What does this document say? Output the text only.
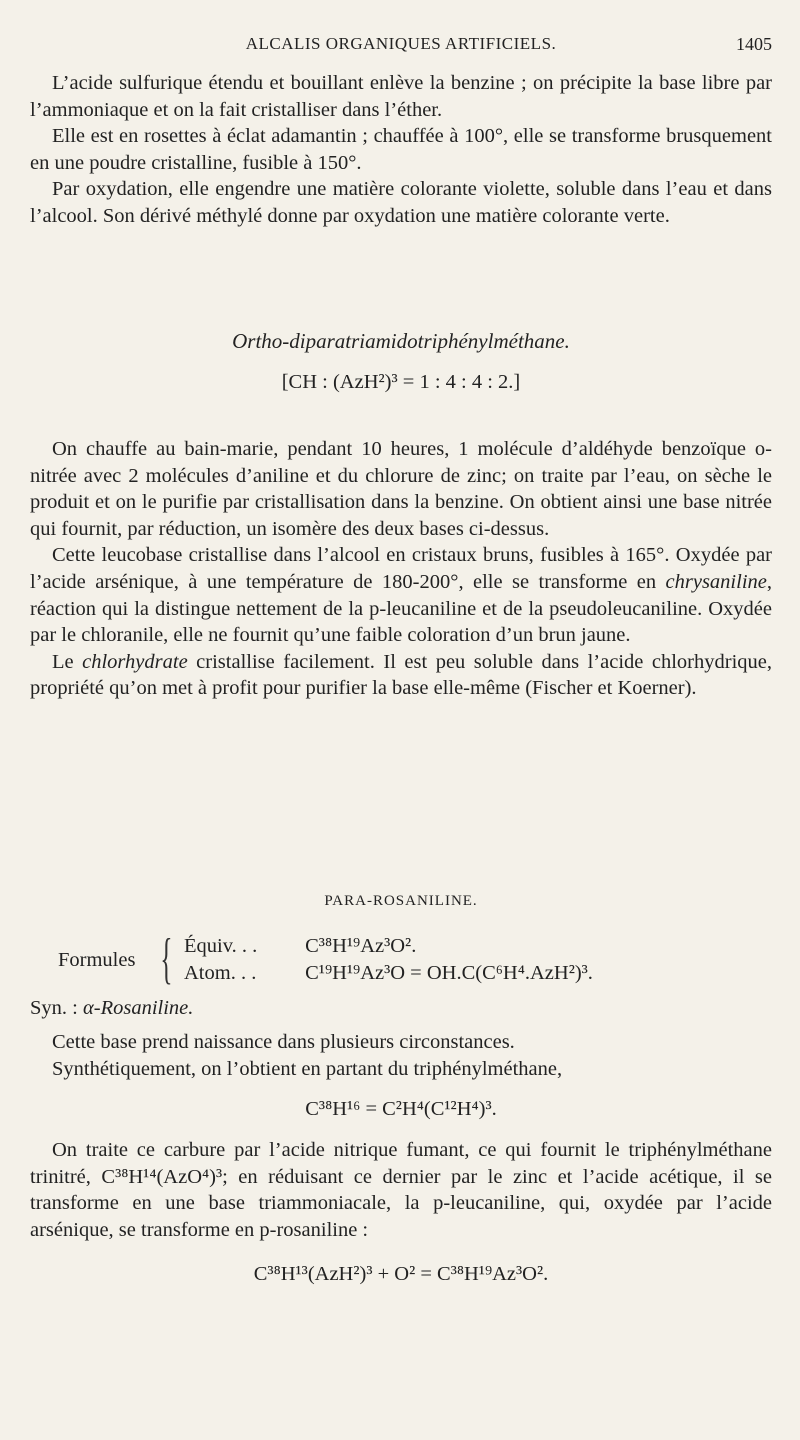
ALCALIS ORGANIQUES ARTIFICIELS.	1405

L’acide sulfurique étendu et bouillant enlève la benzine ; on précipite la base libre par l’ammoniaque et on la fait cristalliser dans l’éther.

Elle est en rosettes à éclat adamantin ; chauffée à 100°, elle se transforme brusquement en une poudre cristalline, fusible à 150°.

Par oxydation, elle engendre une matière colorante violette, soluble dans l’eau et dans l’alcool. Son dérivé méthylé donne par oxydation une matière colorante verte.

Ortho-diparatriamidotriphénylméthane.

[CH : (AzH²)³ = 1 : 4 : 4 : 2.]

On chauffe au bain-marie, pendant 10 heures, 1 molécule d’aldéhyde benzoïque o-nitrée avec 2 molécules d’aniline et du chlorure de zinc; on traite par l’eau, on sèche le produit et on le purifie par cristallisation dans la benzine. On obtient ainsi une base nitrée qui fournit, par réduction, un isomère des deux bases ci-dessus.

Cette leucobase cristallise dans l’alcool en cristaux bruns, fusibles à 165°. Oxydée par l’acide arsénique, à une température de 180-200°, elle se transforme en chrysaniline, réaction qui la distingue nettement de la p-leucaniline et de la pseudoleucaniline. Oxydée par le chloranile, elle ne fournit qu’une faible coloration d’un brun jaune.

Le chlorhydrate cristallise facilement. Il est peu soluble dans l’acide chlorhydrique, propriété qu’on met à profit pour purifier la base elle-même (Fischer et Koerner).

PARA-ROSANILINE.

Formules { Équiv. . . C³⁸H¹⁹Az³O².
Atom. . . C¹⁹H¹⁹Az³O = OH.C(C⁶H⁴.AzH²)³.

Syn. : α-Rosaniline.

Cette base prend naissance dans plusieurs circonstances.

Synthétiquement, on l’obtient en partant du triphénylméthane,

C³⁸H¹⁶ = C²H⁴(C¹²H⁴)³.

On traite ce carbure par l’acide nitrique fumant, ce qui fournit le triphénylméthane trinitré, C³⁸H¹⁴(AzO⁴)³; en réduisant ce dernier par le zinc et l’acide acétique, il se transforme en une base triammoniacale, la p-leucaniline, qui, oxydée par l’acide arsénique, se transforme en p-rosaniline :

C³⁸H¹³(AzH²)³ + O² = C³⁸H¹⁹Az³O².
